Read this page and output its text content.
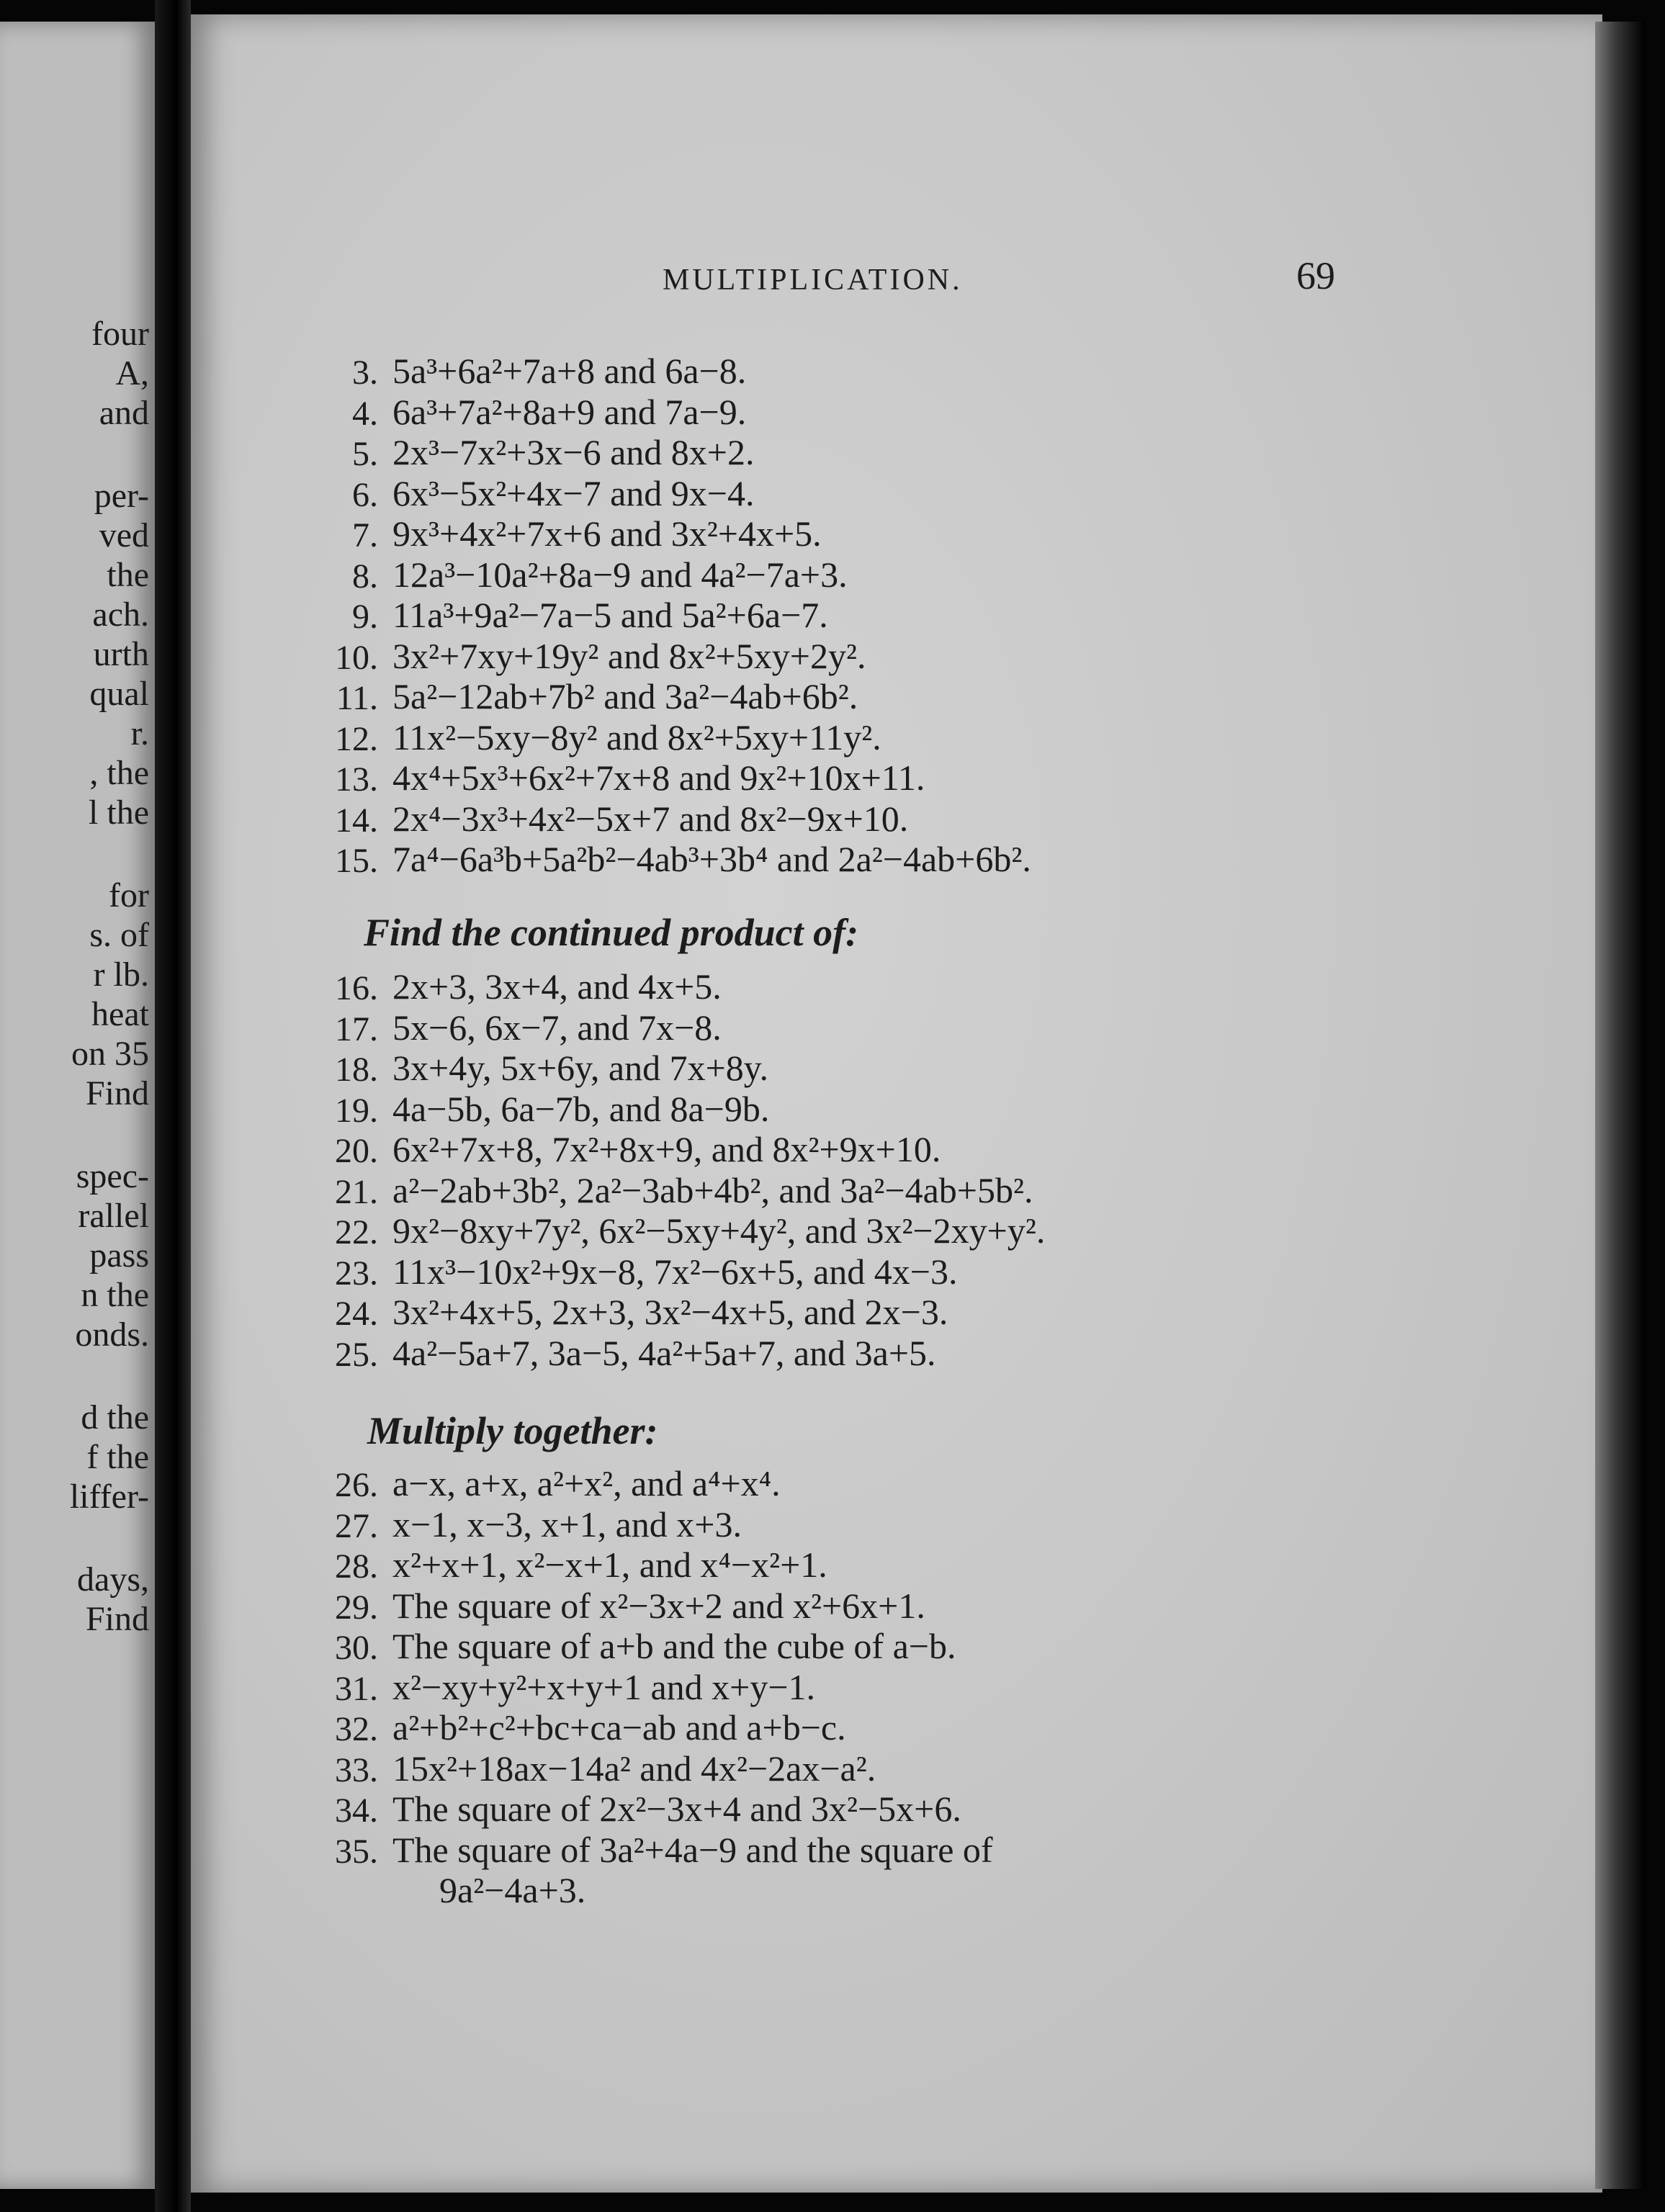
four
A,
and
per-
ved
the
ach.
urth
qual
r.
, the
l the
for
s. of
r lb.
heat
on 35
Find
spec-
rallel
pass
n the
onds.
d the
f the
liffer-
days,
Find
MULTIPLICATION.	69
3. 5a³+6a²+7a+8 and 6a−8.
4. 6a³+7a²+8a+9 and 7a−9.
5. 2x³−7x²+3x−6 and 8x+2.
6. 6x³−5x²+4x−7 and 9x−4.
7. 9x³+4x²+7x+6 and 3x²+4x+5.
8. 12a³−10a²+8a−9 and 4a²−7a+3.
9. 11a³+9a²−7a−5 and 5a²+6a−7.
10. 3x²+7xy+19y² and 8x²+5xy+2y².
11. 5a²−12ab+7b² and 3a²−4ab+6b².
12. 11x²−5xy−8y² and 8x²+5xy+11y².
13. 4x⁴+5x³+6x²+7x+8 and 9x²+10x+11.
14. 2x⁴−3x³+4x²−5x+7 and 8x²−9x+10.
15. 7a⁴−6a³b+5a²b²−4ab³+3b⁴ and 2a²−4ab+6b².
Find the continued product of:
16. 2x+3, 3x+4, and 4x+5.
17. 5x−6, 6x−7, and 7x−8.
18. 3x+4y, 5x+6y, and 7x+8y.
19. 4a−5b, 6a−7b, and 8a−9b.
20. 6x²+7x+8, 7x²+8x+9, and 8x²+9x+10.
21. a²−2ab+3b², 2a²−3ab+4b², and 3a²−4ab+5b².
22. 9x²−8xy+7y², 6x²−5xy+4y², and 3x²−2xy+y².
23. 11x³−10x²+9x−8, 7x²−6x+5, and 4x−3.
24. 3x²+4x+5, 2x+3, 3x²−4x+5, and 2x−3.
25. 4a²−5a+7, 3a−5, 4a²+5a+7, and 3a+5.
Multiply together:
26. a−x, a+x, a²+x², and a⁴+x⁴.
27. x−1, x−3, x+1, and x+3.
28. x²+x+1, x²−x+1, and x⁴−x²+1.
29. The square of x²−3x+2 and x²+6x+1.
30. The square of a+b and the cube of a−b.
31. x²−xy+y²+x+y+1 and x+y−1.
32. a²+b²+c²+bc+ca−ab and a+b−c.
33. 15x²+18ax−14a² and 4x²−2ax−a².
34. The square of 2x²−3x+4 and 3x²−5x+6.
35. The square of 3a²+4a−9 and the square of
9a²−4a+3.
